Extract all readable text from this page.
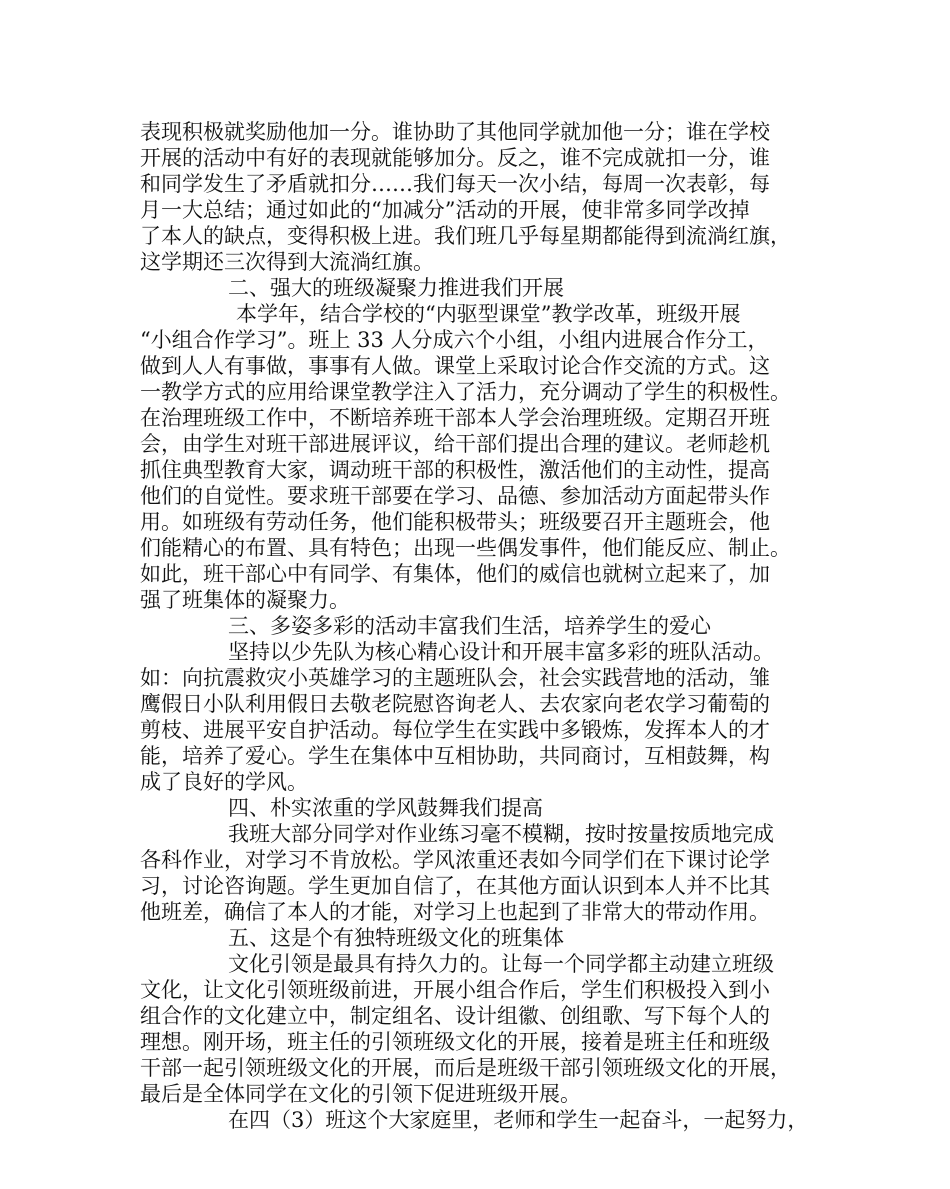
表现积极就奖励他加一分。谁协助了其他同学就加他一分；谁在学校
开展的活动中有好的表现就能够加分。反之，谁不完成就扣一分，谁
和同学发生了矛盾就扣分……我们每天一次小结，每周一次表彰，每
月一大总结；通过如此的“加减分”活动的开展，使非常多同学改掉
了本人的缺点，变得积极上进。我们班几乎每星期都能得到流淌红旗，
这学期还三次得到大流淌红旗。
二、强大的班级凝聚力推进我们开展
本学年，结合学校的“内驱型课堂”教学改革，班级开展
“小组合作学习”。班上 33 人分成六个小组，小组内进展合作分工，
做到人人有事做，事事有人做。课堂上采取讨论合作交流的方式。这
一教学方式的应用给课堂教学注入了活力，充分调动了学生的积极性。
在治理班级工作中，不断培养班干部本人学会治理班级。定期召开班
会，由学生对班干部进展评议，给干部们提出合理的建议。老师趁机
抓住典型教育大家，调动班干部的积极性，激活他们的主动性，提高
他们的自觉性。要求班干部要在学习、品德、参加活动方面起带头作
用。如班级有劳动任务，他们能积极带头；班级要召开主题班会，他
们能精心的布置、具有特色；出现一些偶发事件，他们能反应、制止。
如此，班干部心中有同学、有集体，他们的威信也就树立起来了，加
强了班集体的凝聚力。
三、多姿多彩的活动丰富我们生活，培养学生的爱心
坚持以少先队为核心精心设计和开展丰富多彩的班队活动。
如：向抗震救灾小英雄学习的主题班队会，社会实践营地的活动，雏
鹰假日小队利用假日去敬老院慰咨询老人、去农家向老农学习葡萄的
剪枝、进展平安自护活动。每位学生在实践中多锻炼，发挥本人的才
能，培养了爱心。学生在集体中互相协助，共同商讨，互相鼓舞，构
成了良好的学风。
四、朴实浓重的学风鼓舞我们提高
我班大部分同学对作业练习毫不模糊，按时按量按质地完成
各科作业，对学习不肯放松。学风浓重还表如今同学们在下课讨论学
习，讨论咨询题。学生更加自信了，在其他方面认识到本人并不比其
他班差，确信了本人的才能，对学习上也起到了非常大的带动作用。
五、这是个有独特班级文化的班集体
文化引领是最具有持久力的。让每一个同学都主动建立班级
文化，让文化引领班级前进，开展小组合作后，学生们积极投入到小
组合作的文化建立中，制定组名、设计组徽、创组歌、写下每个人的
理想。刚开场，班主任的引领班级文化的开展，接着是班主任和班级
干部一起引领班级文化的开展，而后是班级干部引领班级文化的开展，
最后是全体同学在文化的引领下促进班级开展。
在四（3）班这个大家庭里，老师和学生一起奋斗，一起努力，
